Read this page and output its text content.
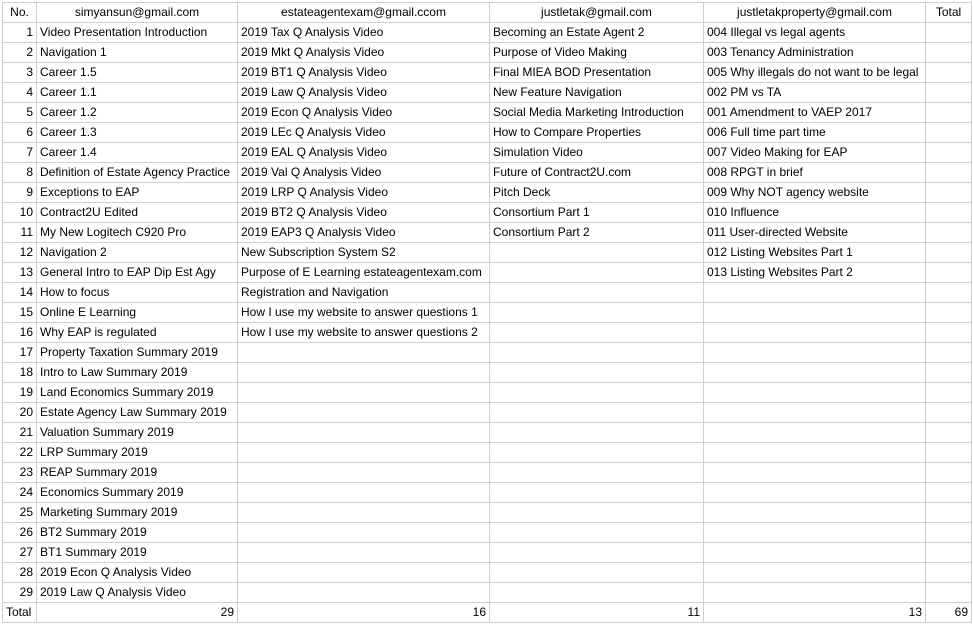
No.	simyansun@gmail.com	estateagentexam@gmail.ccom	justletak@gmail.com	justletakproperty@gmail.com	Total
1	Video Presentation Introduction	2019 Tax Q Analysis Video	Becoming an Estate Agent 2	004 Illegal vs legal agents	
2	Navigation 1	2019 Mkt Q Analysis Video	Purpose of Video Making	003 Tenancy Administration	
3	Career 1.5	2019 BT1 Q Analysis Video	Final MIEA BOD Presentation	005 Why illegals do not want to be legal	
4	Career 1.1	2019 Law Q Analysis Video	New Feature Navigation	002 PM vs TA	
5	Career 1.2	2019 Econ Q Analysis Video	Social Media Marketing Introduction	001 Amendment to VAEP 2017	
6	Career 1.3	2019 LEc Q Analysis Video	How to Compare Properties	006 Full time part time	
7	Career 1.4	2019 EAL Q Analysis Video	Simulation Video	007 Video Making for EAP	
8	Definition of Estate Agency Practice	2019 Val Q Analysis Video	Future of Contract2U.com	008 RPGT in brief	
9	Exceptions to EAP	2019 LRP Q Analysis Video	Pitch Deck	009 Why NOT agency website	
10	Contract2U Edited	2019 BT2 Q Analysis Video	Consortium Part 1	010 Influence	
11	My New Logitech C920 Pro	2019 EAP3 Q Analysis Video	Consortium Part 2	011 User-directed Website	
12	Navigation 2	New Subscription System S2		012 Listing Websites Part 1	
13	General Intro to EAP Dip Est Agy	Purpose of E Learning estateagentexam.com		013 Listing Websites Part 2	
14	How to focus	Registration and Navigation			
15	Online E Learning	How I use my website to answer questions 1			
16	Why EAP is regulated	How I use my website to answer questions 2			
17	Property Taxation Summary 2019				
18	Intro to Law Summary 2019				
19	Land Economics Summary 2019				
20	Estate Agency Law Summary 2019				
21	Valuation Summary 2019				
22	LRP Summary 2019				
23	REAP Summary 2019				
24	Economics Summary 2019				
25	Marketing Summary 2019				
26	BT2 Summary 2019				
27	BT1 Summary 2019				
28	2019 Econ Q Analysis Video				
29	2019 Law Q Analysis Video				
Total	29	16	11	13	69
